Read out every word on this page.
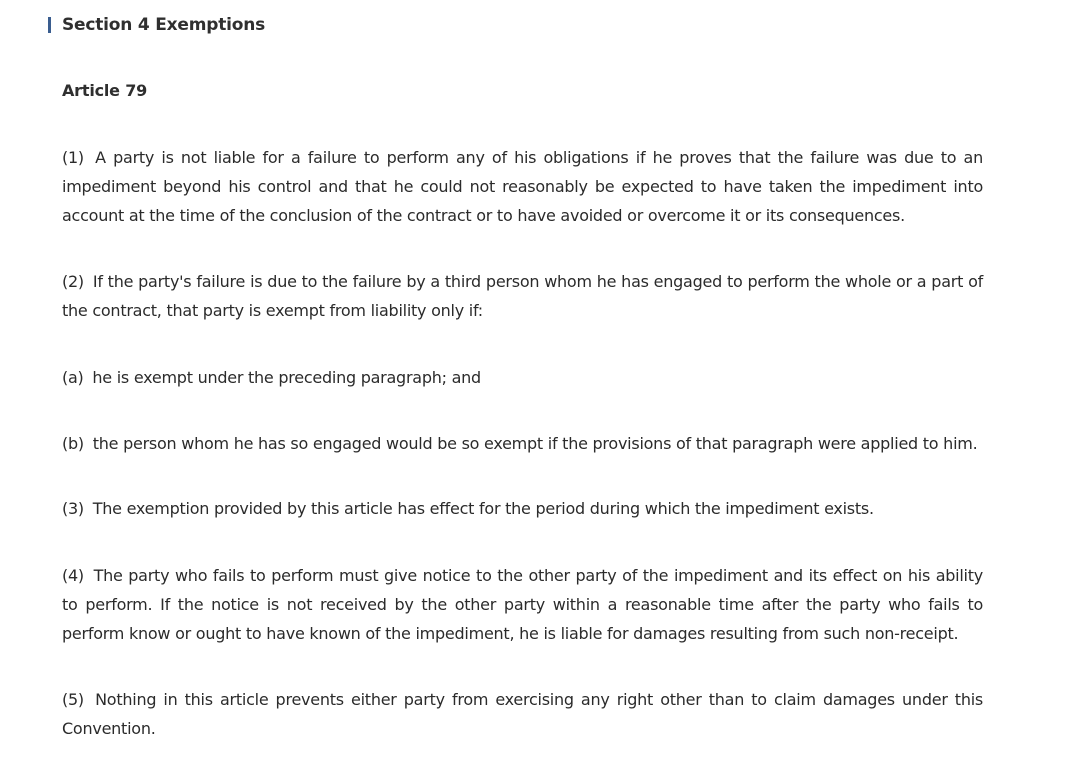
Section 4 Exemptions
Article 79

(1) A party is not liable for a failure to perform any of his obligations if he proves that the failure was due to an impediment beyond his control and that he could not reasonably be expected to have taken the impediment into account at the time of the conclusion of the contract or to have avoided or overcome it or its consequences.

(2) If the party's failure is due to the failure by a third person whom he has engaged to perform the whole or a part of the contract, that party is exempt from liability only if:

(a) he is exempt under the preceding paragraph; and

(b) the person whom he has so engaged would be so exempt if the provisions of that paragraph were applied to him.

(3) The exemption provided by this article has effect for the period during which the impediment exists.

(4) The party who fails to perform must give notice to the other party of the impediment and its effect on his ability to perform. If the notice is not received by the other party within a reasonable time after the party who fails to perform know or ought to have known of the impediment, he is liable for damages resulting from such non-receipt.

(5) Nothing in this article prevents either party from exercising any right other than to claim damages under this Convention.
